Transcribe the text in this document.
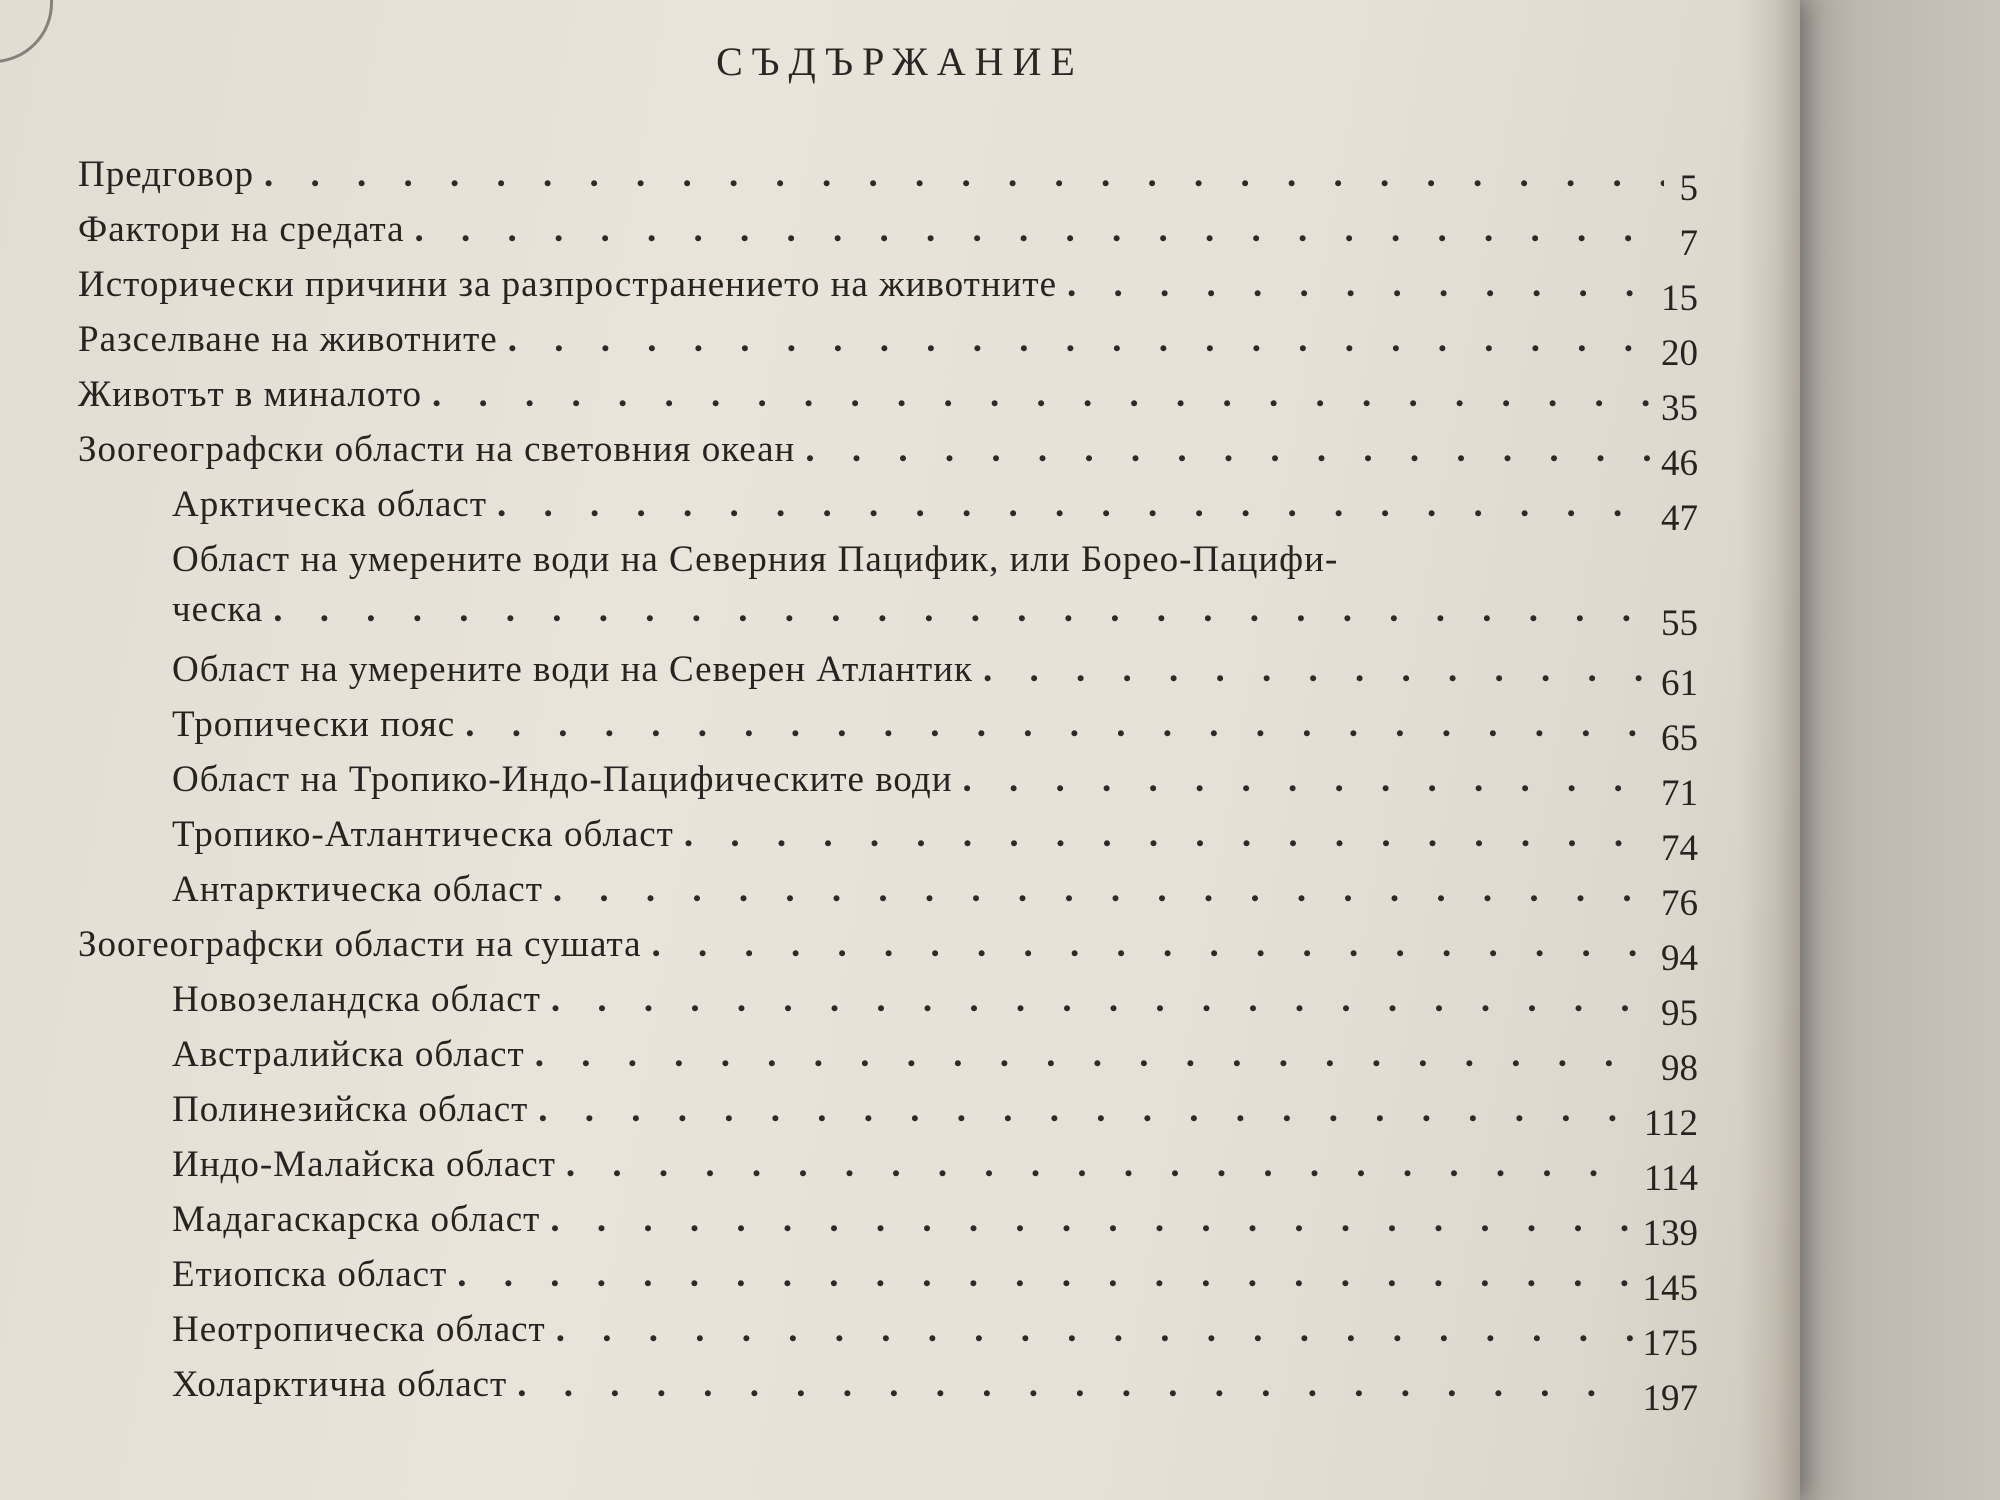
СЪДЪРЖАНИЕ
Предговор . . .	5
Фактори на средата . . .	7
Исторически причини за разпространението на животните . . .	15
Разселване на животните . . .	20
Животът в миналото . . .	35
Зоогеографски области на световния океан . . .	46
Арктическа област . . .	47
Област на умерените води на Северния Пацифик, или Борео-Пацифи-
ческа . . .	55
Област на умерените води на Северен Атлантик . . .	61
Тропически пояс . . .	65
Област на Тропико-Индо-Пацифическите води . . .	71
Тропико-Атлантическа област . . .	74
Антарктическа област . . .	76
Зоогеографски области на сушата . . .	94
Новозеландска област . . .	95
Австралийска област . . .	98
Полинезийска област . . .	112
Индо-Малайска област . . .	114
Мадагаскарска област . . .	139
Етиопска област . . .	145
Неотропическа област . . .	175
Холарктична област . . .	197
